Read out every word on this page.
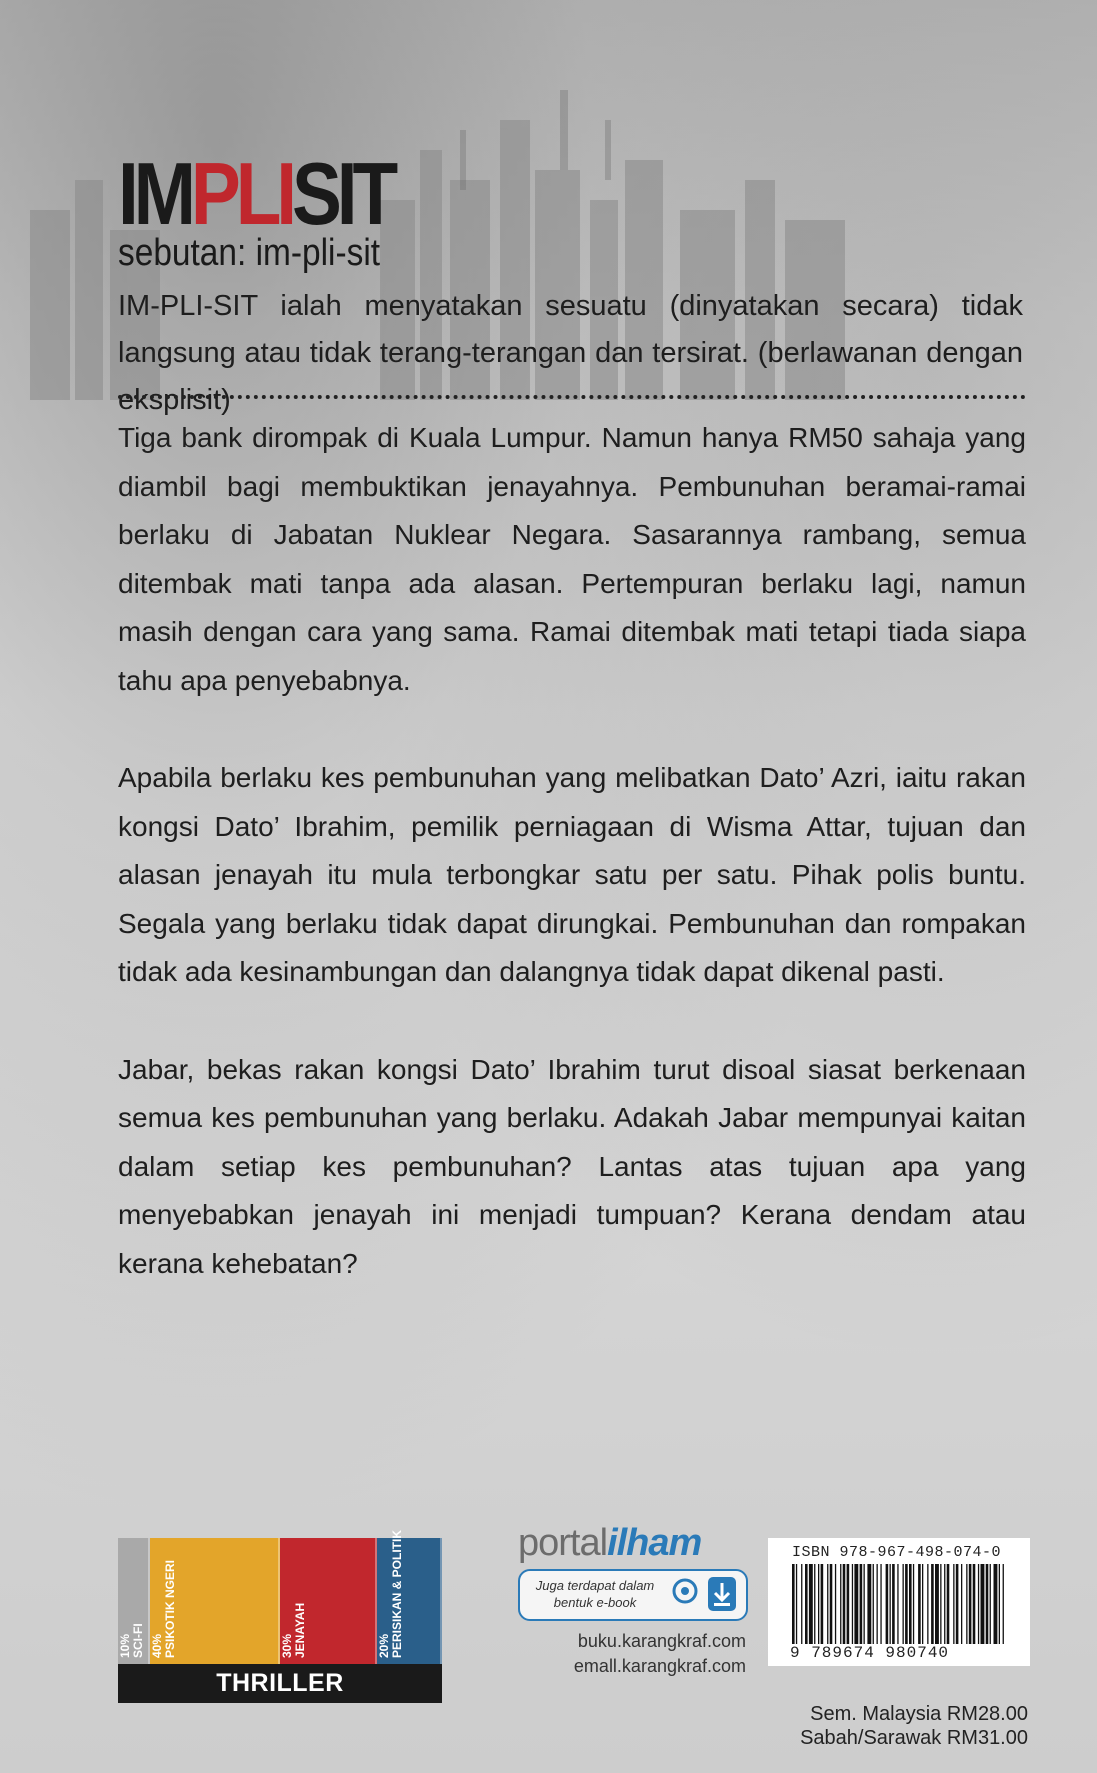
IMPLISIT
sebutan: im-pli-sit
IM-PLI-SIT ialah menyatakan sesuatu (dinyatakan secara) tidak langsung atau tidak terang-terangan dan tersirat. (berlawanan dengan eksplisit)

Tiga bank dirompak di Kuala Lumpur. Namun hanya RM50 sahaja yang diambil bagi membuktikan jenayahnya. Pembunuhan beramai-ramai berlaku di Jabatan Nuklear Negara. Sasarannya rambang, semua ditembak mati tanpa ada alasan. Pertempuran berlaku lagi, namun masih dengan cara yang sama. Ramai ditembak mati tetapi tiada siapa tahu apa penyebabnya.

Apabila berlaku kes pembunuhan yang melibatkan Dato’ Azri, iaitu rakan kongsi Dato’ Ibrahim, pemilik perniagaan di Wisma Attar, tujuan dan alasan jenayah itu mula terbongkar satu per satu. Pihak polis buntu. Segala yang berlaku tidak dapat dirungkai. Pembunuhan dan rompakan tidak ada kesinambungan dan dalangnya tidak dapat dikenal pasti.

Jabar, bekas rakan kongsi Dato’ Ibrahim turut disoal siasat berkenaan semua kes pembunuhan yang berlaku. Adakah Jabar mempunyai kaitan dalam setiap kes pembunuhan? Lantas atas tujuan apa yang menyebabkan jenayah ini menjadi tumpuan? Kerana dendam atau kerana kehebatan?

10% SCI-FI 40% PSIKOTIK NGERI	30% JENAYAH	20% PERISIKAN & POLITIK
THRILLER
portalilham
Juga terdapat dalam bentuk e-book
buku.karangkraf.com
emall.karangkraf.com
ISBN 978-967-498-074-0
9 789674 980740
Sem. Malaysia RM28.00
Sabah/Sarawak RM31.00
